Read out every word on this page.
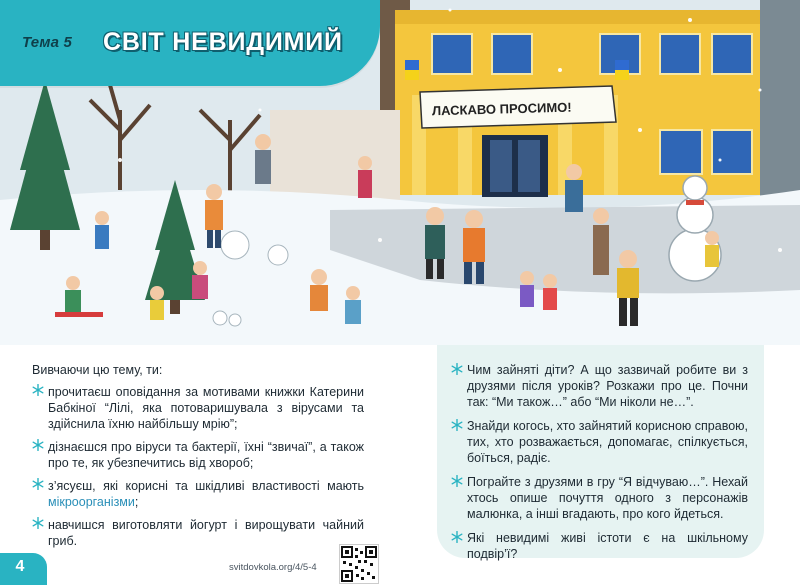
ЛАСКАВО ПРОСИМО!
Тема 5 СВІТ НЕВИДИМИЙ

Вивчаючи цю тему, ти:

прочитаєш оповідання за мотивами книжки Катерини Бабкіної “Лілі, яка потоваришувала з вірусами та здійснила їхню найбільшу мрію”;
дізнаєшся про віруси та бактерії, їхні “звичаї”, а також про те, як убезпечитись від хвороб;
з’ясуєш, які корисні та шкідливі властивості мають мікроорганізми;
навчишся виготовляти йогурт і вирощувати чайний гриб.
Чим зайняті діти? А що зазвичай робите ви з друзями після уроків? Розкажи про це. Почни так: “Ми також…” або “Ми ніколи не…”.
Знайди когось, хто зайнятий корисною справою, тих, хто розважається, допомагає, спілкується, боїться, радіє.
Пограйте з друзями в гру “Я відчуваю…”. Нехай хтось опише почуття одного з персонажів малюнка, а інші вгадають, про кого йдеться.
Які невидимі живі істоти є на шкільному подвір’ї?
4	svitdovkola.org/4/5-4
